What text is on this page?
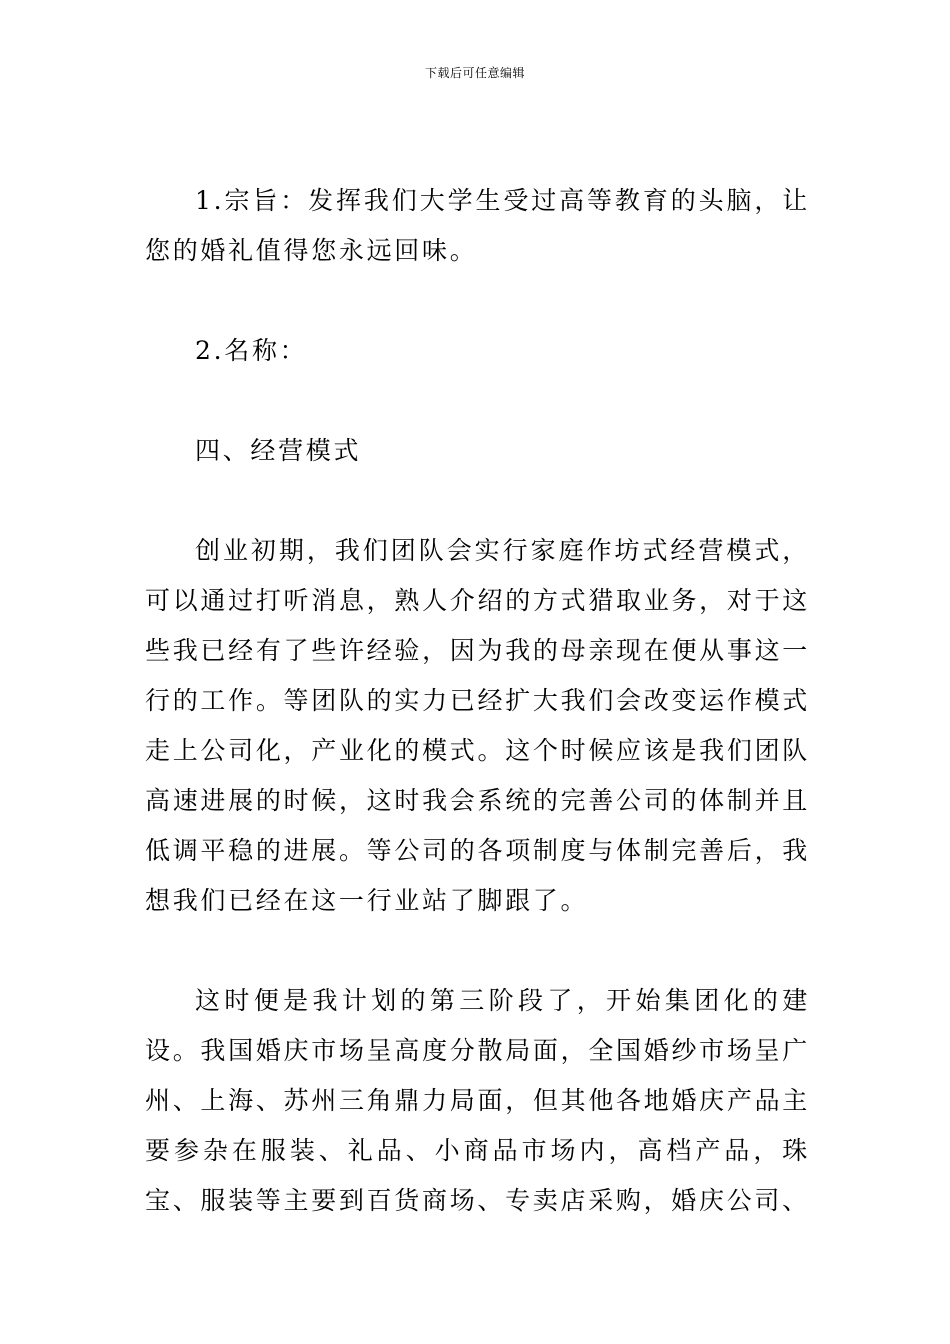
下载后可任意编辑

1.宗旨：发挥我们大学生受过高等教育的头脑，让您的婚礼值得您永远回味。

2.名称：

四、经营模式

创业初期，我们团队会实行家庭作坊式经营模式，可以通过打听消息，熟人介绍的方式猎取业务，对于这些我已经有了些许经验，因为我的母亲现在便从事这一行的工作。等团队的实力已经扩大我们会改变运作模式走上公司化，产业化的模式。这个时候应该是我们团队高速进展的时候，这时我会系统的完善公司的体制并且低调平稳的进展。等公司的各项制度与体制完善后，我想我们已经在这一行业站了脚跟了。

这时便是我计划的第三阶段了，开始集团化的建设。我国婚庆市场呈高度分散局面，全国婚纱市场呈广州、上海、苏州三角鼎力局面，但其他各地婚庆产品主要参杂在服装、礼品、小商品市场内，高档产品，珠宝、服装等主要到百货商场、专卖店采购，婚庆公司、
